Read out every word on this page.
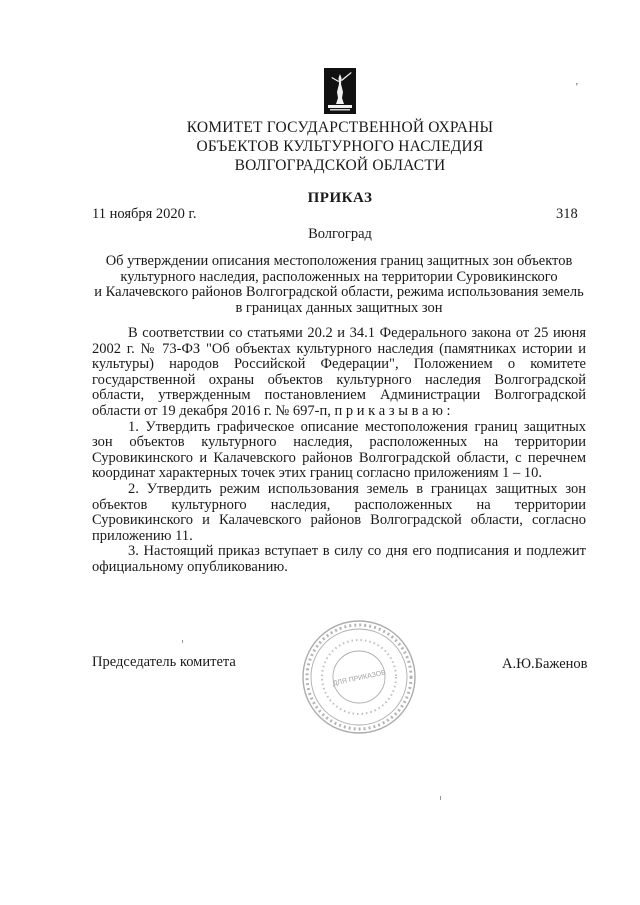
'
КОМИТЕТ ГОСУДАРСТВЕННОЙ ОХРАНЫ
ОБЪЕКТОВ КУЛЬТУРНОГО НАСЛЕДИЯ
ВОЛГОГРАДСКОЙ ОБЛАСТИ
ПРИКАЗ
11 ноября 2020 г.	318
Волгоград
Об утверждении описания местоположения границ защитных зон объектов
культурного наследия, расположенных на территории Суровикинского
и Калачевского районов Волгоградской области, режима использования земель
в границах данных защитных зон

В соответствии со статьями 20.2 и 34.1 Федерального закона от 25 июня 2002 г. № 73-ФЗ "Об объектах культурного наследия (памятниках истории и культуры) народов Российской Федерации", Положением о комитете государственной охраны объектов культурного наследия Волгоградской области, утвержденным постановлением Администрации Волгоградской области от 19 декабря 2016 г. № 697-п, п р и к а з ы в а ю :

1. Утвердить графическое описание местоположения границ защитных зон объектов культурного наследия, расположенных на территории Суровикинского и Калачевского районов Волгоградской области, с перечнем координат характерных точек этих границ согласно приложениям 1 – 10.

2. Утвердить режим использования земель в границах защитных зон объектов культурного наследия, расположенных на территории Суровикинского и Калачевского районов Волгоградской области, согласно приложению 11.

3. Настоящий приказ вступает в силу со дня его подписания и подлежит официальному опубликованию.

ДЛЯ ПРИКАЗОВ
Председатель комитета	А.Ю.Баженов
